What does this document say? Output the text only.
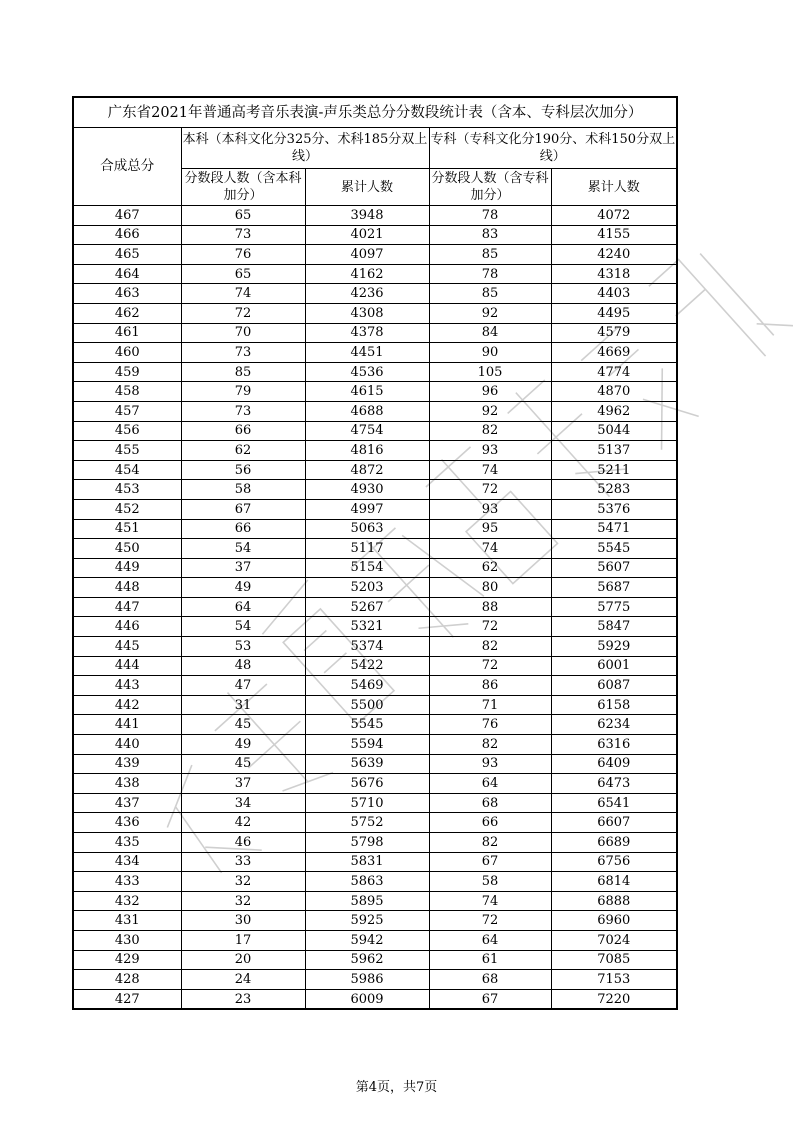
广东省2021年普通高考音乐表演-声乐类总分分数段统计表（含本、专科层次加分）				
合成总分	本科（本科文化分325分、术科185分双上线）		专科（专科文化分190分、术科150分双上线）	
	分数段人数（含本科加分）	累计人数	分数段人数（含专科加分）	累计人数
467	65	3948	78	4072
466	73	4021	83	4155
465	76	4097	85	4240
464	65	4162	78	4318
463	74	4236	85	4403
462	72	4308	92	4495
461	70	4378	84	4579
460	73	4451	90	4669
459	85	4536	105	4774
458	79	4615	96	4870
457	73	4688	92	4962
456	66	4754	82	5044
455	62	4816	93	5137
454	56	4872	74	5211
453	58	4930	72	5283
452	67	4997	93	5376
451	66	5063	95	5471
450	54	5117	74	5545
449	37	5154	62	5607
448	49	5203	80	5687
447	64	5267	88	5775
446	54	5321	72	5847
445	53	5374	82	5929
444	48	5422	72	6001
443	47	5469	86	6087
442	31	5500	71	6158
441	45	5545	76	6234
440	49	5594	82	6316
439	45	5639	93	6409
438	37	5676	64	6473
437	34	5710	68	6541
436	42	5752	66	6607
435	46	5798	82	6689
434	33	5831	67	6756
433	32	5863	58	6814
432	32	5895	74	6888
431	30	5925	72	6960
430	17	5942	64	7024
429	20	5962	61	7085
428	24	5986	68	7153
427	23	6009	67	7220
第4页，共7页
